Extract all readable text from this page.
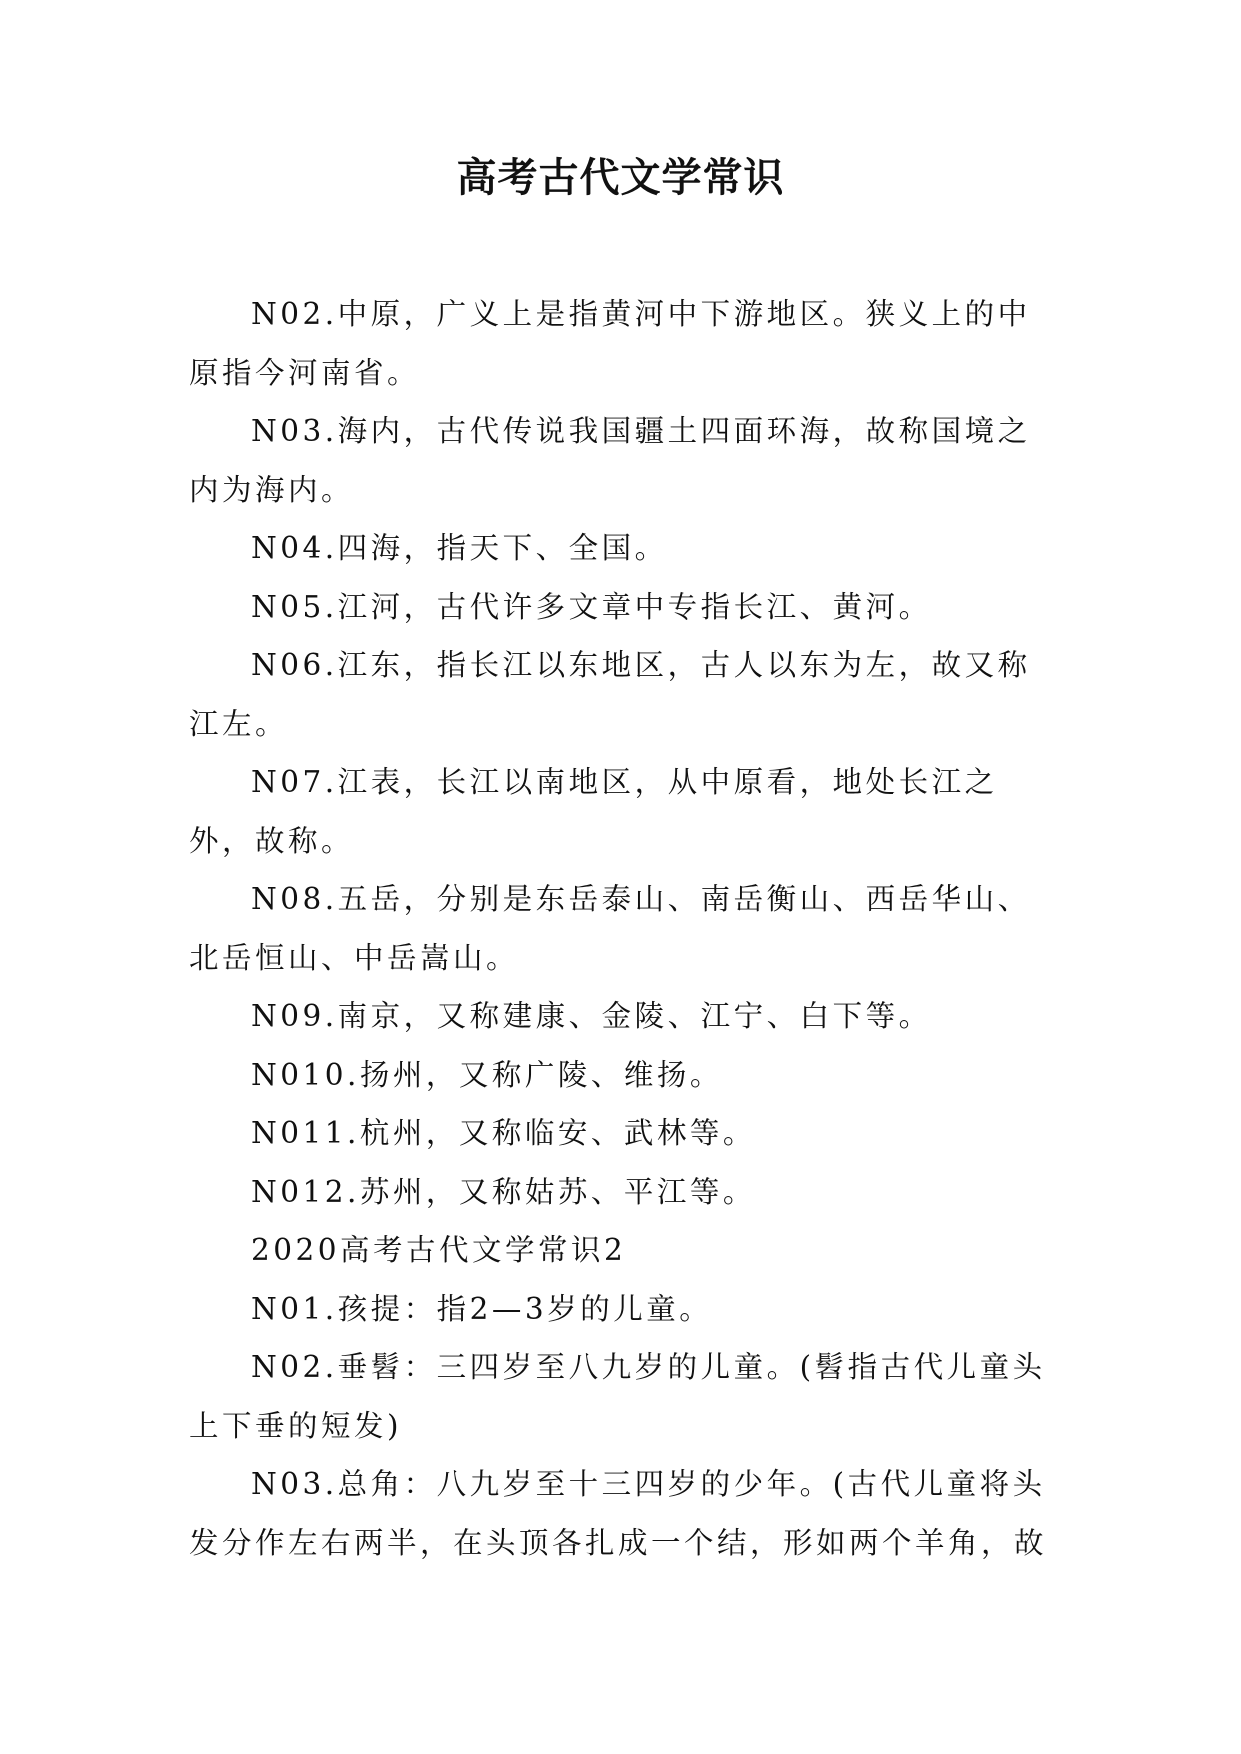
高考古代文学常识

N02.中原，广义上是指黄河中下游地区。狭义上的中原指今河南省。

N03.海内，古代传说我国疆土四面环海，故称国境之内为海内。

N04.四海，指天下、全国。

N05.江河，古代许多文章中专指长江、黄河。

N06.江东，指长江以东地区，古人以东为左，故又称江左。

N07.江表，长江以南地区，从中原看，地处长江之外，故称。

N08.五岳，分别是东岳泰山、南岳衡山、西岳华山、北岳恒山、中岳嵩山。

N09.南京，又称建康、金陵、江宁、白下等。

N010.扬州，又称广陵、维扬。

N011.杭州，又称临安、武林等。

N012.苏州，又称姑苏、平江等。

2020高考古代文学常识2

N01.孩提：指2—3岁的儿童。

N02.垂髫：三四岁至八九岁的儿童。(髫指古代儿童头上下垂的短发)

N03.总角：八九岁至十三四岁的少年。(古代儿童将头发分作左右两半，在头顶各扎成一个结，形如两个羊角，故
